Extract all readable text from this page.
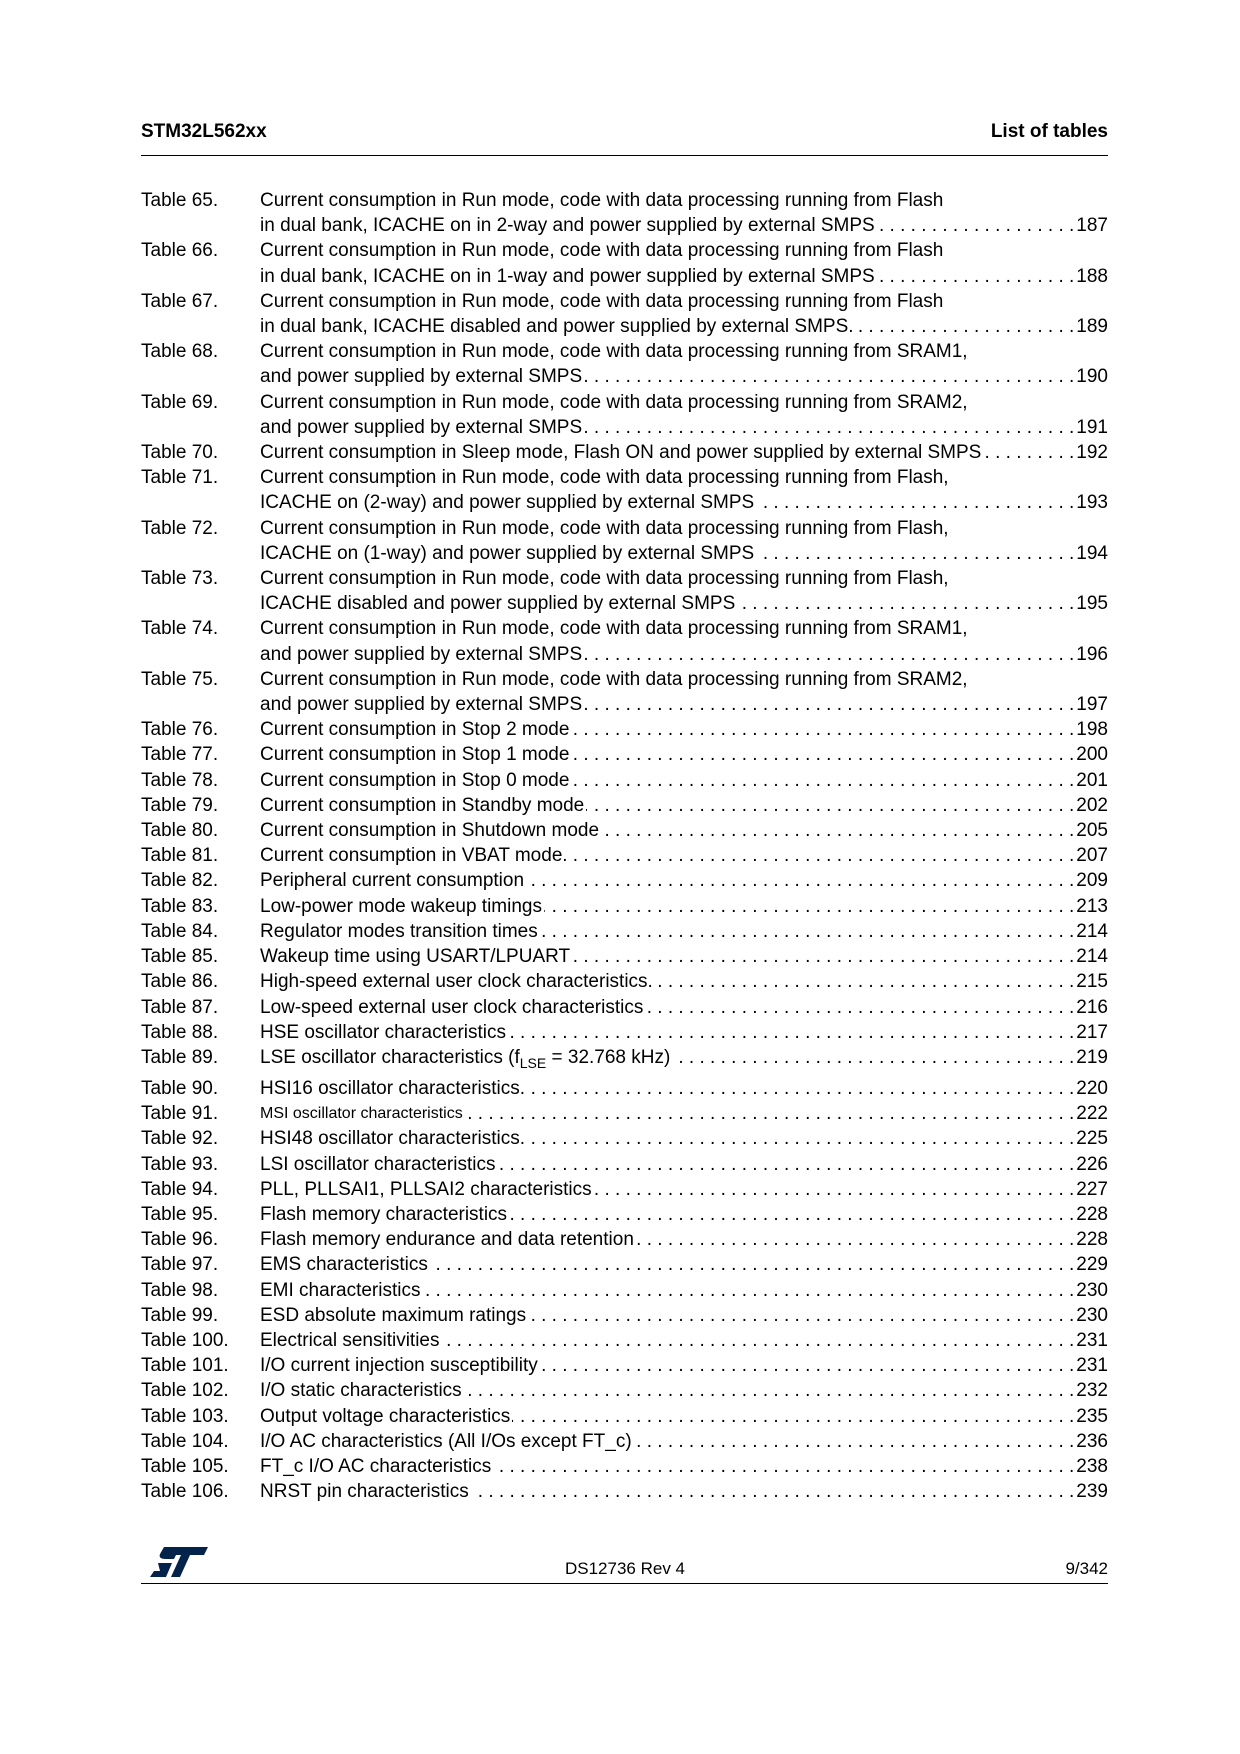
STM32L562xx	List of tables
Table 65.	Current consumption in Run mode, code with data processing running from Flash
in dual bank, ICACHE on in 2-way and power supplied by external SMPS . . .	187
Table 66.	Current consumption in Run mode, code with data processing running from Flash
in dual bank, ICACHE on in 1-way and power supplied by external SMPS . . .	188
Table 67.	Current consumption in Run mode, code with data processing running from Flash
in dual bank, ICACHE disabled and power supplied by external SMPS. . . .	189
Table 68.	Current consumption in Run mode, code with data processing running from SRAM1,
and power supplied by external SMPS . . .	190
Table 69.	Current consumption in Run mode, code with data processing running from SRAM2,
and power supplied by external SMPS . . .	191
Table 70.	Current consumption in Sleep mode, Flash ON and power supplied by external SMPS . . .	192
Table 71.	Current consumption in Run mode, code with data processing running from Flash,
ICACHE on (2-way) and power supplied by external SMPS . . .	193
Table 72.	Current consumption in Run mode, code with data processing running from Flash,
ICACHE on (1-way) and power supplied by external SMPS . . .	194
Table 73.	Current consumption in Run mode, code with data processing running from Flash,
ICACHE disabled and power supplied by external SMPS . . .	195
Table 74.	Current consumption in Run mode, code with data processing running from SRAM1,
and power supplied by external SMPS . . .	196
Table 75.	Current consumption in Run mode, code with data processing running from SRAM2,
and power supplied by external SMPS . . .	197
Table 76.	Current consumption in Stop 2 mode . . .	198
Table 77.	Current consumption in Stop 1 mode . . .	200
Table 78.	Current consumption in Stop 0 mode . . .	201
Table 79.	Current consumption in Standby mode . . .	202
Table 80.	Current consumption in Shutdown mode . . .	205
Table 81.	Current consumption in VBAT mode . . .	207
Table 82.	Peripheral current consumption . . .	209
Table 83.	Low-power mode wakeup timings . . .	213
Table 84.	Regulator modes transition times . . .	214
Table 85.	Wakeup time using USART/LPUART . . .	214
Table 86.	High-speed external user clock characteristics. . . .	215
Table 87.	Low-speed external user clock characteristics . . .	216
Table 88.	HSE oscillator characteristics . . .	217
Table 89.	LSE oscillator characteristics ($f_{LSE} = 32.768$ kHz) . . .	219
Table 90.	HSI16 oscillator characteristics. . . .	220
Table 91.	MSI oscillator characteristics . . .	222
Table 92.	HSI48 oscillator characteristics. . . .	225
Table 93.	LSI oscillator characteristics . . .	226
Table 94.	PLL, PLLSAI1, PLLSAI2 characteristics . . .	227
Table 95.	Flash memory characteristics . . .	228
Table 96.	Flash memory endurance and data retention . . .	228
Table 97.	EMS characteristics . . .	229
Table 98.	EMI characteristics . . .	230
Table 99.	ESD absolute maximum ratings . . .	230
Table 100.	Electrical sensitivities . . .	231
Table 101.	I/O current injection susceptibility . . .	231
Table 102.	I/O static characteristics . . .	232
Table 103.	Output voltage characteristics . . .	235
Table 104.	I/O AC characteristics (All I/Os except FT_c) . . .	236
Table 105.	FT_c I/O AC characteristics . . .	238
Table 106.	NRST pin characteristics . . .	239
DS12736 Rev 4	9/342
